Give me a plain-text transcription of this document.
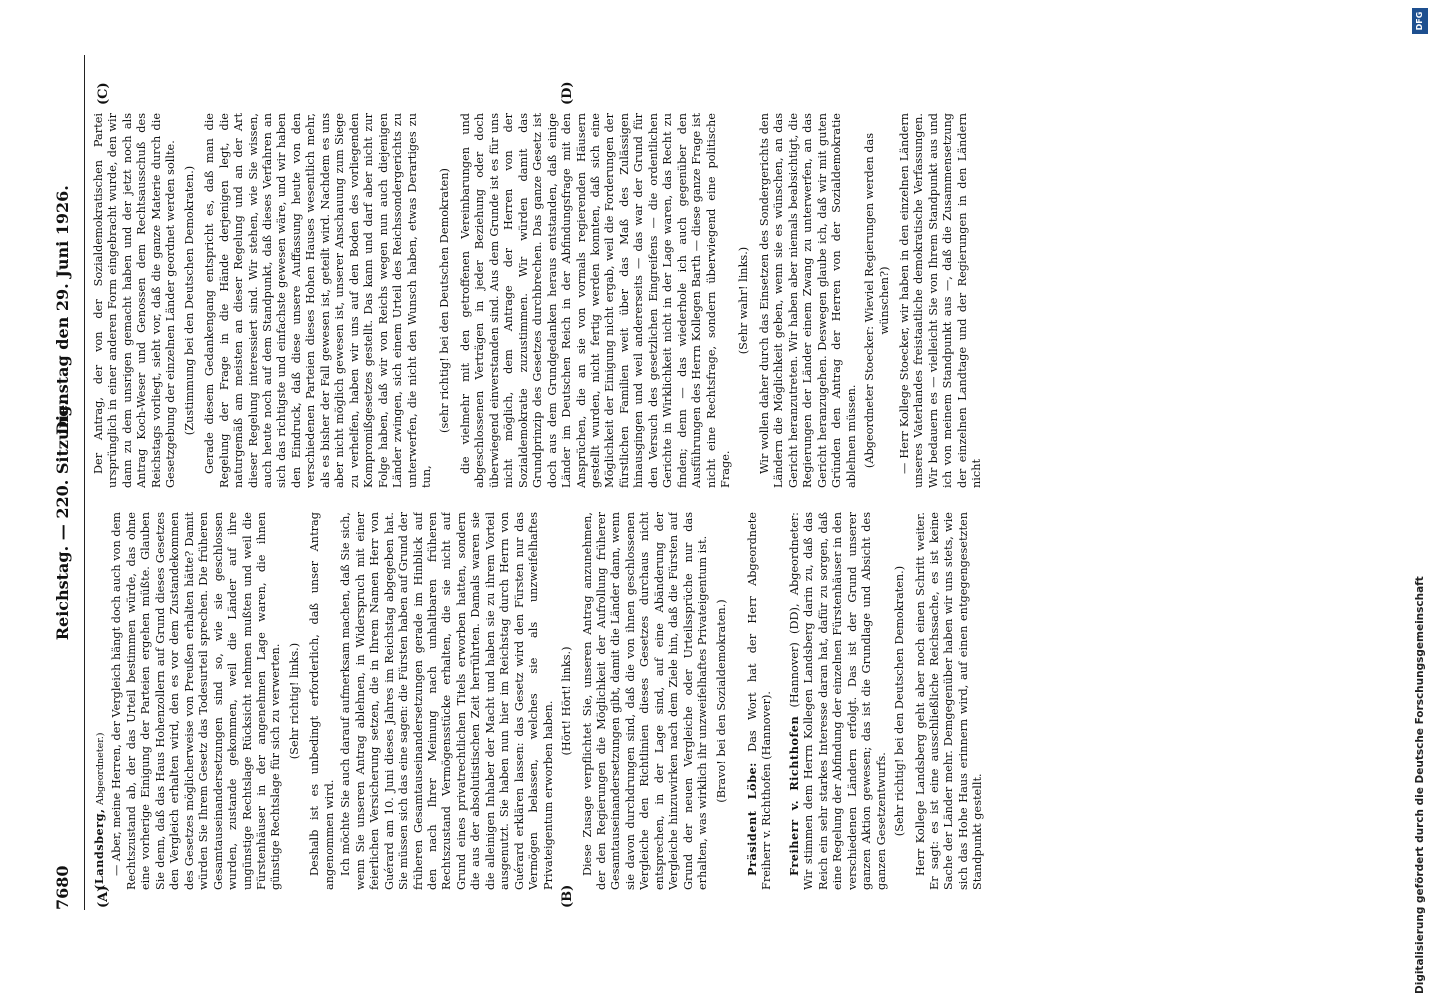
7680
Reichstag. — 220. Sitzung.
Dienstag den 29. Juni 1926.
(A)	(B)
(C)	(D)

(Landsberg, Abgeordneter.) — Aber, meine Herren, der Vergleich hängt doch auch von dem Rechtszustand ab, der das Urteil bestimmen würde, das ohne eine vorherige Einigung der Parteien ergehen müßte. Glauben Sie denn, daß das Haus Hohenzollern auf Grund dieses Gesetzes den Vergleich erhalten wird, den es vor dem Zustandekommen des Gesetzes möglicherweise von Preußen erhalten hätte? Damit würden Sie Ihrem Gesetz das Todesurteil sprechen. Die früheren Gesamtauseinandersetzungen sind so, wie sie geschlossen wurden, zustande gekommen, weil die Länder auf ihre ungünstige Rechtslage Rücksicht nehmen mußten und weil die Fürstenhäuser in der angenehmen Lage waren, die ihnen günstige Rechtslage für sich zu verwerten. (Sehr richtig! links.) Deshalb ist es unbedingt erforderlich, daß unser Antrag angenommen wird. Ich möchte Sie auch darauf aufmerksam machen, daß Sie sich, wenn Sie unseren Antrag ablehnen, in Widerspruch mit einer feierlichen Versicherung setzen, die in Ihrem Namen Herr von Guérard am 10. Juni dieses Jahres im Reichstag abgegeben hat. Sie müssen sich das eine sagen: die Fürsten haben auf Grund der früheren Gesamtauseinandersetzungen gerade im Hinblick auf den nach Ihrer Meinung nach unhaltbaren früheren Rechtszustand Vermögensstücke erhalten, die sie nicht auf Grund eines privatrechtlichen Titels erworben hatten, sondern die aus der absolutistischen Zeit herrührten. Damals waren sie die alleinigen Inhaber der Macht und haben sie zu ihrem Vorteil ausgenutzt. Sie haben nun hier im Reichstag durch Herrn von Guérard erklären lassen: das Gesetz wird den Fürsten nur das Vermögen belassen, welches sie als unzweifelhaftes Privateigentum erworben haben. (Hört! Hört! links.) Diese Zusage verpflichtet Sie, unseren Antrag anzunehmen, der den Regierungen die Möglichkeit der Aufrollung früherer Gesamtauseinandersetzungen gibt, damit die Länder dann, wenn sie davon durchdrungen sind, daß die von ihnen geschlossenen Vergleiche den Richtlinien dieses Gesetzes durchaus nicht entsprechen, in der Lage sind, auf eine Abänderung der Vergleiche hinzuwirken nach dem Ziele hin, daß die Fürsten auf Grund der neuen Vergleiche oder Urteilssprüche nur das erhalten, was wirklich ihr unzweifelhaftes Privateigentum ist. (Bravo! bei den Sozialdemokraten.)

Präsident Löbe: Das Wort hat der Herr Abgeordnete Freiherr v. Richthofen (Hannover). Freiherr v. Richthofen (Hannover) (DD), Abgeordneter: Wir stimmen dem Herrn Kollegen Landsberg darin zu, daß das Reich ein sehr starkes Interesse daran hat, dafür zu sorgen, daß eine Regelung der Abfindung der einzelnen Fürstenhäuser in den verschiedenen Ländern erfolgt. Das ist der Grund unserer ganzen Aktion gewesen; das ist die Grundlage und Absicht des ganzen Gesetzentwurfs. (Sehr richtig! bei den Deutschen Demokraten.) Herr Kollege Landsberg geht aber noch einen Schritt weiter. Er sagt: es ist eine ausschließliche Reichssache, es ist keine Sache der Länder mehr. Demgegenüber haben wir uns stets, wie sich das Hohe Haus erinnern wird, auf einen entgegengesetzten Standpunkt gestellt.

Der Antrag, der von der Sozialdemokratischen Partei ursprünglich in einer anderen Form eingebracht wurde, den wir dann zu dem unsrigen gemacht haben und der jetzt noch als Antrag Koch-Weser und Genossen dem Rechtsausschuß des Reichstags vorliegt, sieht vor, daß die ganze Materie durch die Gesetzgebung der einzelnen Länder geordnet werden sollte. (Zustimmung bei den Deutschen Demokraten.) Gerade diesem Gedankengang entspricht es, daß man die Regelung der Frage in die Hände derjenigen legt, die naturgemäß am meisten an dieser Regelung und an der Art dieser Regelung interessiert sind. Wir stehen, wie Sie wissen, auch heute noch auf dem Standpunkt, daß dieses Verfahren an sich das richtigste und einfachste gewesen wäre, und wir haben den Eindruck, daß diese unsere Auffassung heute von den verschiedenen Parteien dieses Hohen Hauses wesentlich mehr, als es bisher der Fall gewesen ist, geteilt wird. Nachdem es uns aber nicht möglich gewesen ist, unserer Anschauung zum Siege zu verhelfen, haben wir uns auf den Boden des vorliegenden Kompromißgesetzes gestellt. Das kann und darf aber nicht zur Folge haben, daß wir von Reichs wegen nun auch diejenigen Länder zwingen, sich einem Urteil des Reichssondergerichts zu unterwerfen, die nicht den Wunsch haben, etwas Derartiges zu tun,

(sehr richtig! bei den Deutschen Demokraten) die vielmehr mit den getroffenen Vereinbarungen und abgeschlossenen Verträgen in jeder Beziehung oder doch überwiegend einverstanden sind. Aus dem Grunde ist es für uns nicht möglich, dem Antrage der Herren von der Sozialdemokratie zuzustimmen. Wir würden damit das Grundprinzip des Gesetzes durchbrechen. Das ganze Gesetz ist doch aus dem Grundgedanken heraus entstanden, daß einige Länder im Deutschen Reich in der Abfindungsfrage mit den Ansprüchen, die an sie von vormals regierenden Häusern gestellt wurden, nicht fertig werden konnten, daß sich eine Möglichkeit der Einigung nicht ergab, weil die Forderungen der fürstlichen Familien weit über das Maß des Zulässigen hinausgingen und weil andererseits — das war der Grund für den Versuch des gesetzlichen Eingreifens — die ordentlichen Gerichte in Wirklichkeit nicht in der Lage waren, das Recht zu finden; denn — das wiederhole ich auch gegenüber den Ausführungen des Herrn Kollegen Barth — diese ganze Frage ist nicht eine Rechtsfrage, sondern überwiegend eine politische Frage.

(Sehr wahr! links.) Wir wollen daher durch das Einsetzen des Sondergerichts den Ländern die Möglichkeit geben, wenn sie es wünschen, an das Gericht heranzutreten. Wir haben aber niemals beabsichtigt, die Regierungen der Länder einem Zwang zu unterwerfen, an das Gericht heranzugehen. Deswegen glaube ich, daß wir mit guten Gründen den Antrag der Herren von der Sozialdemokratie ablehnen müssen. (Abgeordneter Stoecker: Wieviel Regierungen werden das wünschen?) — Herr Kollege Stoecker, wir haben in den einzelnen Ländern unseres Vaterlandes freistaatliche demokratische Verfassungen. Wir bedauern es — vielleicht Sie von Ihrem Standpunkt aus und ich von meinem Standpunkt aus —, daß die Zusammensetzung der einzelnen Landtage und der Regierungen in den Ländern nicht

Digitalisierung gefördert durch die Deutsche Forschungsgemeinschaft
DFG
